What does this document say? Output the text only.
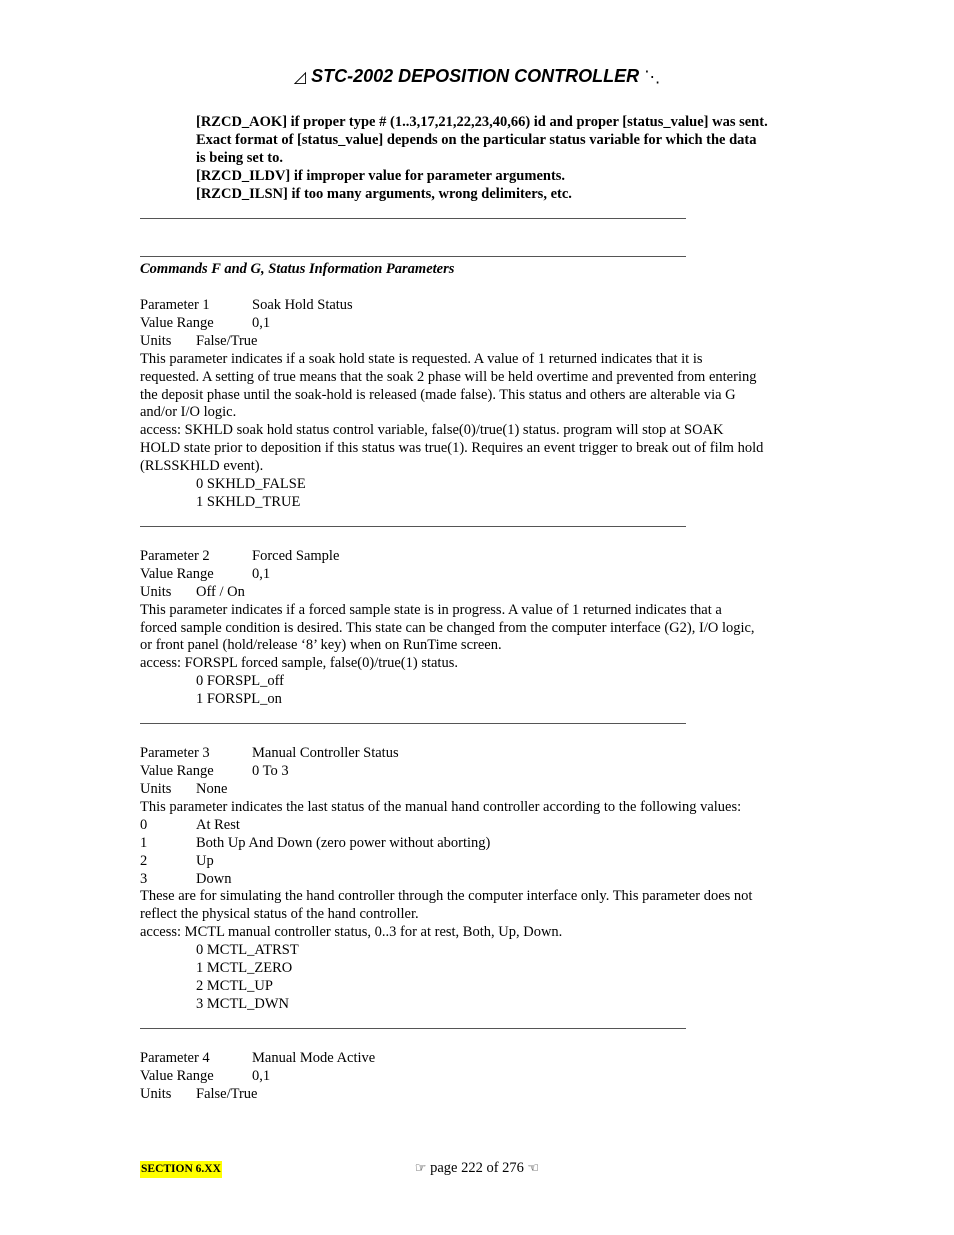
◿ STC-2002 DEPOSITION CONTROLLER ⋱
[RZCD_AOK] if proper type # (1..3,17,21,22,23,40,66) id and proper [status_value] was sent.
Exact format of [status_value] depends on the particular status variable for which the data
is being set to.
[RZCD_ILDV] if improper value for parameter arguments.
[RZCD_ILSN] if too many arguments, wrong delimiters, etc.
Commands F and G, Status Information Parameters
Parameter 1	Soak Hold Status
Value Range	0,1
Units False/True
This parameter indicates if a soak hold state is requested. A value of 1 returned indicates that it is
requested. A setting of true means that the soak 2 phase will be held overtime and prevented from entering
the deposit phase until the soak-hold is released (made false). This status and others are alterable via G
and/or I/O logic.
access: SKHLD soak hold status control variable, false(0)/true(1) status. program will stop at SOAK
HOLD state prior to deposition if this status was true(1). Requires an event trigger to break out of film hold
(RLSSKHLD event).
0 SKHLD_FALSE
1 SKHLD_TRUE
Parameter 2	Forced Sample
Value Range	0,1
Units Off / On
This parameter indicates if a forced sample state is in progress. A value of 1 returned indicates that a
forced sample condition is desired. This state can be changed from the computer interface (G2), I/O logic,
or front panel (hold/release ‘8’ key) when on RunTime screen.
access: FORSPL forced sample, false(0)/true(1) status.
0 FORSPL_off
1 FORSPL_on
Parameter 3	Manual Controller Status
Value Range	0 To 3
Units None
This parameter indicates the last status of the manual hand controller according to the following values:
0	At Rest
1	Both Up And Down (zero power without aborting)
2	Up
3	Down
These are for simulating the hand controller through the computer interface only. This parameter does not
reflect the physical status of the hand controller.
access: MCTL manual controller status, 0..3 for at rest, Both, Up, Down.
0 MCTL_ATRST
1 MCTL_ZERO
2 MCTL_UP
3 MCTL_DWN
Parameter 4	Manual Mode Active
Value Range	0,1
Units False/True
SECTION 6.XX	☞ page 222 of 276 ☜
